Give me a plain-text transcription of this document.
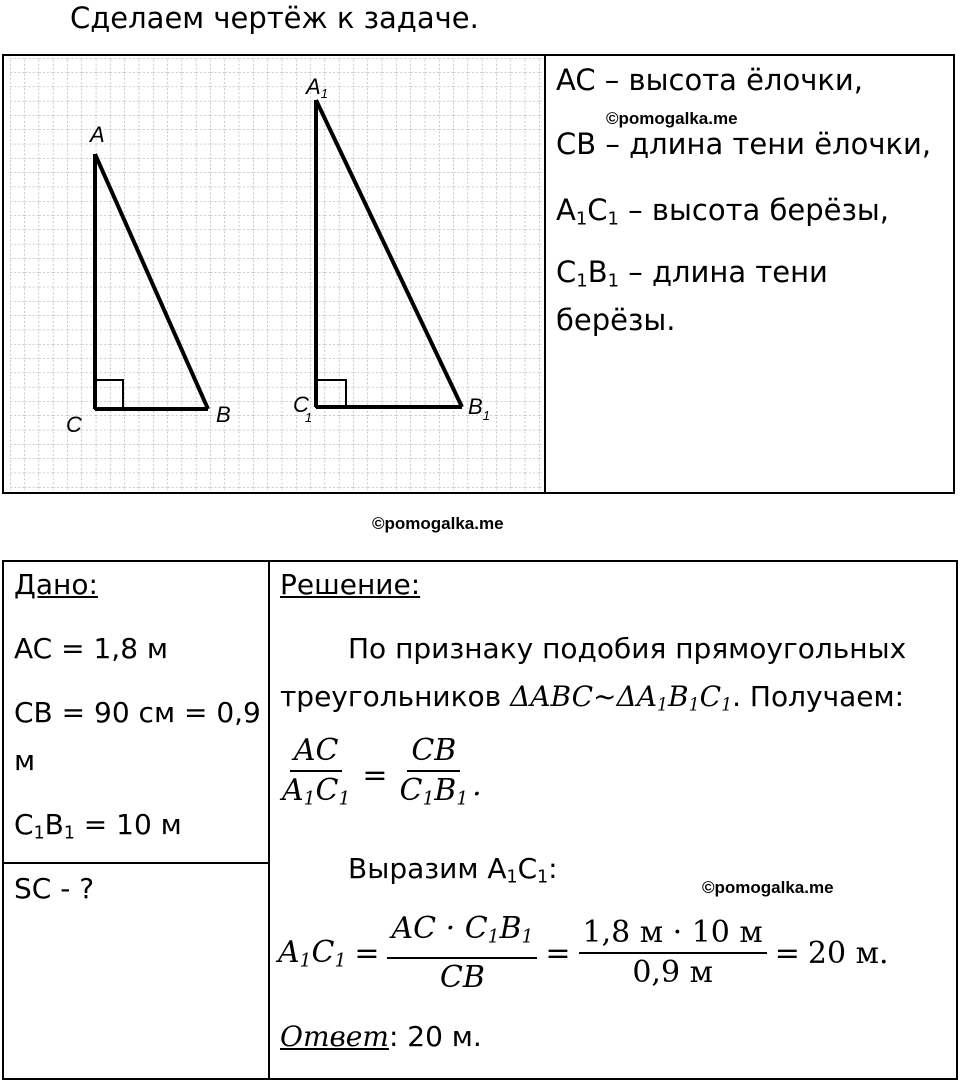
Сделаем чертёж к задаче.
A
C	B
A1
C 1	$B_1$
AC – высота ёлочки,
©pomogalka.me
CB – длина тени ёлочки,
$A_1C_1$ – высота берёзы,
$C_1B_1$ – длина тени
берёзы.
©pomogalka.me
Дано:
AC = 1,8 м
CB = 90 см = 0,9
м
$C_1B_1 = 10$ м
SC - ?
Решение:
По признаку подобия прямоугольных
треугольников $\Delta ABC\sim\Delta A_1B_1C_1$. Получаем:
$\frac{AC}{A_1C_1} = \frac{CB}{C_1B_1}$ .
Выразим $A_1C_1$:
©pomogalka.me
$A_1C_1 = \frac{AC \cdot C_1B_1}{CB} = \frac{1,8 м \cdot 10 м}{0,9 м} = 20$ м.
Ответ: 20 м.
